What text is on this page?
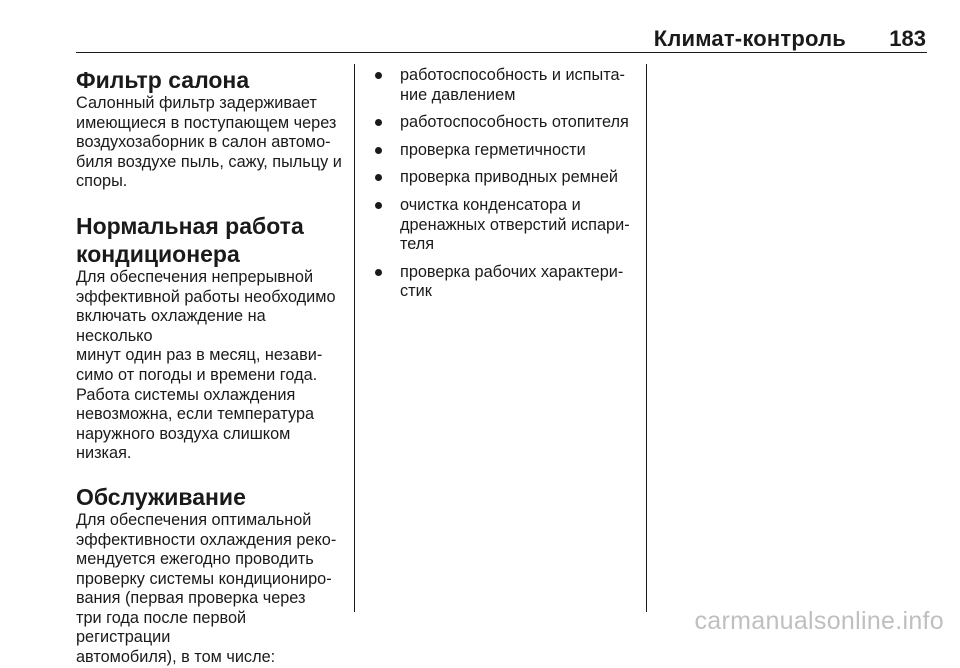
Климат-контроль 183
Фильтр салона

Салонный фильтр задерживает
имеющиеся в поступающем через
воздухозаборник в салон автомо-
биля воздухе пыль, сажу, пыльцу и
споры.

Нормальная работа
кондиционера

Для обеспечения непрерывной
эффективной работы необходимо
включать охлаждение на несколько
минут один раз в месяц, незави-
симо от погоды и времени года.
Работа системы охлаждения
невозможна, если температура
наружного воздуха слишком
низкая.

Обслуживание

Для обеспечения оптимальной
эффективности охлаждения реко-
мендуется ежегодно проводить
проверку системы кондициониро-
вания (первая проверка через
три года после первой регистрации
автомобиля), в том числе:

работоспособность и испыта-
ние давлением
работоспособность отопителя
проверка герметичности
проверка приводных ремней
очистка конденсатора и
дренажных отверстий испари-
теля
проверка рабочих характери-
стик
carmanualsonline.info
